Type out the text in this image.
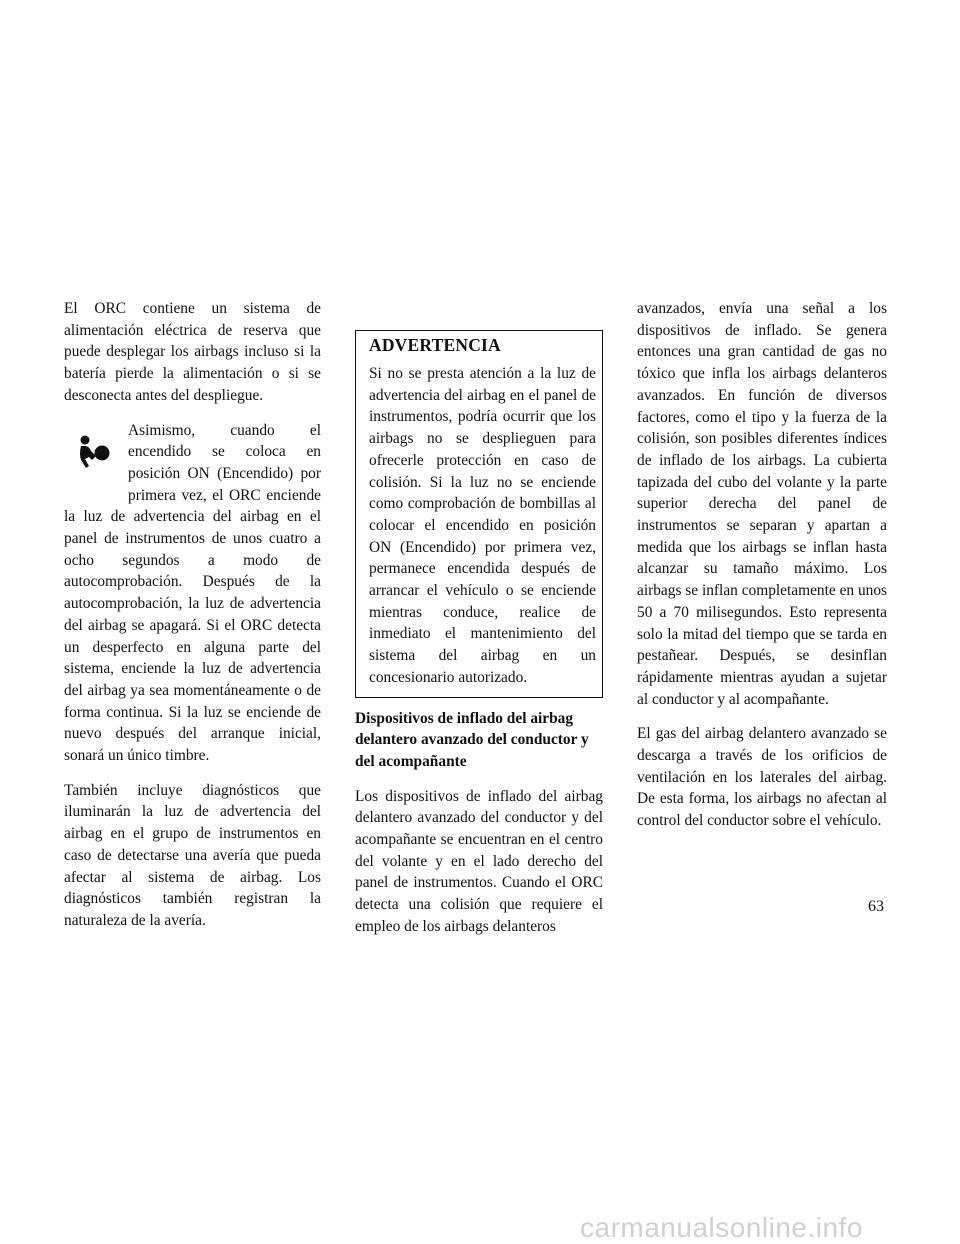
El ORC contiene un sistema de alimentación eléctrica de reserva que puede desplegar los airbags incluso si la batería pierde la alimentación o si se desconecta antes del despliegue.

Asimismo, cuando el encendido se coloca en posición ON (Encendido) por primera vez, el ORC enciende la luz de advertencia del airbag en el panel de instrumentos de unos cuatro a ocho segundos a modo de autocomprobación. Después de la autocomprobación, la luz de advertencia del airbag se apagará. Si el ORC detecta un desperfecto en alguna parte del sistema, enciende la luz de advertencia del airbag ya sea momentáneamente o de forma continua. Si la luz se enciende de nuevo después del arranque inicial, sonará un único timbre.

También incluye diagnósticos que iluminarán la luz de advertencia del airbag en el grupo de instrumentos en caso de detectarse una avería que pueda afectar al sistema de airbag. Los diagnósticos también registran la naturaleza de la avería.

ADVERTENCIA

Si no se presta atención a la luz de advertencia del airbag en el panel de instrumentos, podría ocurrir que los airbags no se desplieguen para ofrecerle protección en caso de colisión. Si la luz no se enciende como comprobación de bombillas al colocar el encendido en posición ON (Encendido) por primera vez, permanece encendida después de arrancar el vehículo o se enciende mientras conduce, realice de inmediato el mantenimiento del sistema del airbag en un concesionario autorizado.

Dispositivos de inflado del airbag delantero avanzado del conductor y del acompañante

Los dispositivos de inflado del airbag delantero avanzado del conductor y del acompañante se encuentran en el centro del volante y en el lado derecho del panel de instrumentos. Cuando el ORC detecta una colisión que requiere el empleo de los airbags delanteros

avanzados, envía una señal a los dispositivos de inflado. Se genera entonces una gran cantidad de gas no tóxico que infla los airbags delanteros avanzados. En función de diversos factores, como el tipo y la fuerza de la colisión, son posibles diferentes índices de inflado de los airbags. La cubierta tapizada del cubo del volante y la parte superior derecha del panel de instrumentos se separan y apartan a medida que los airbags se inflan hasta alcanzar su tamaño máximo. Los airbags se inflan completamente en unos 50 a 70 milisegundos. Esto representa solo la mitad del tiempo que se tarda en pestañear. Después, se desinflan rápidamente mientras ayudan a sujetar al conductor y al acompañante.

El gas del airbag delantero avanzado se descarga a través de los orificios de ventilación en los laterales del airbag. De esta forma, los airbags no afectan al control del conductor sobre el vehículo.

63
carmanualsonline.info
